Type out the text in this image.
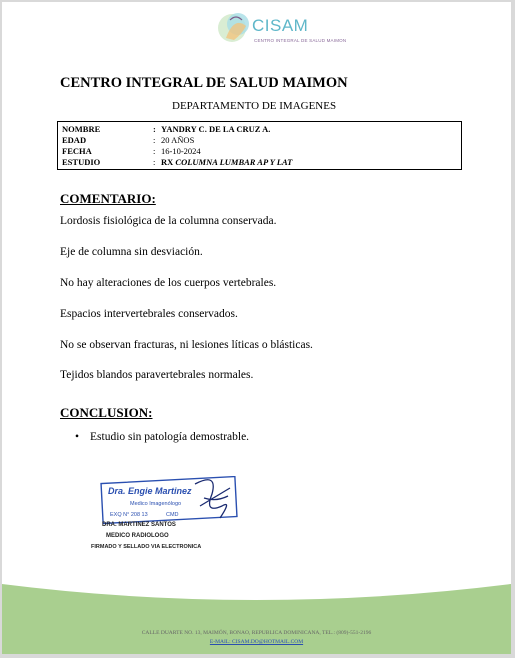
CISAM
CENTRO INTEGRAL DE SALUD MAIMON
CENTRO INTEGRAL DE SALUD MAIMON
DEPARTAMENTO DE IMAGENES
NOMBRE	: YANDRY C. DE LA CRUZ A.
EDAD	: 20 AÑOS
FECHA	: 16-10-2024
ESTUDIO	: RX COLUMNA LUMBAR AP Y LAT
COMENTARIO:
Lordosis fisiológica de la columna conservada.
Eje de columna sin desviación.
No hay alteraciones de los cuerpos vertebrales.
Espacios intervertebrales conservados.
No se observan fracturas, ni lesiones líticas o blásticas.
Tejidos blandos paravertebrales normales.
CONCLUSION:
• Estudio sin patología demostrable.
Dra. Engie Martinez
Medico Imagenólogo
EXQ N° 208 13	CMD
DRA. MARTINEZ SANTOS
MEDICO RADIOLOGO
FIRMADO Y SELLADO VIA ELECTRONICA
CALLE DUARTE NO. 13, MAIMÓN, BONAO, REPUBLICA DOMINICANA, TEL.: (809)-551-2196
E-MAIL: CISAM.DO@HOTMAIL.COM
